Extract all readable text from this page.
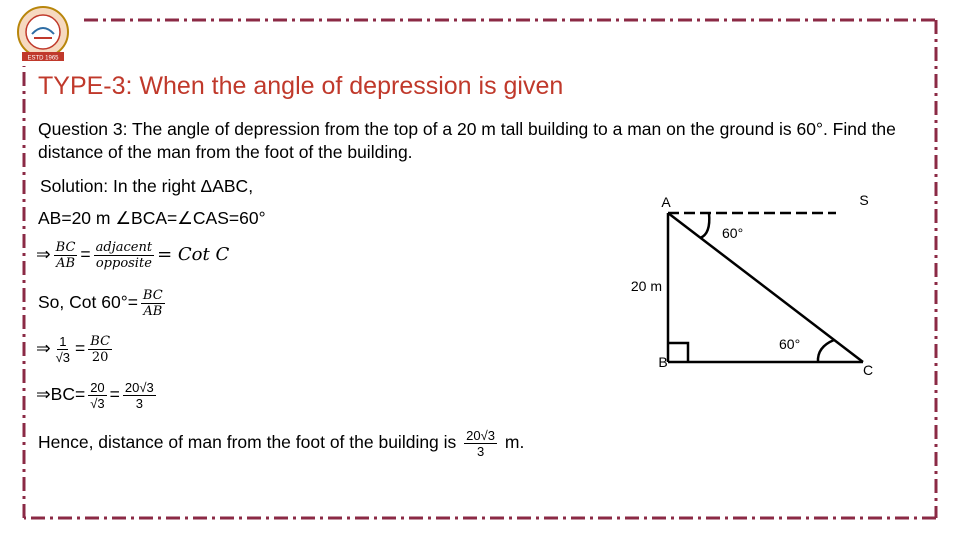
ESTD 1965
TYPE-3: When the angle of depression is given
Question 3: The angle of depression from the top of a 20 m tall building to a man on the ground is 60°. Find the distance of the man from the foot of the building.
Solution: In the right ΔABC,
AB=20 m ∠BCA=∠CAS=60°
⇒ $\frac{BC}{AB} = \frac{\text{adjacent}}{\text{opposite}}$ = Cot C
So, Cot $60^\circ= \frac{BC}{AB}$
⇒ $\frac{1}{√3} = \frac{BC}{20}$
⇒BC= $\frac{20}{√3} = \frac{20√3}{3}$
Hence, distance of man from the foot of the building is $\frac{20√3}{3} m$.
A	S
B	C
60°
60°
20 m
